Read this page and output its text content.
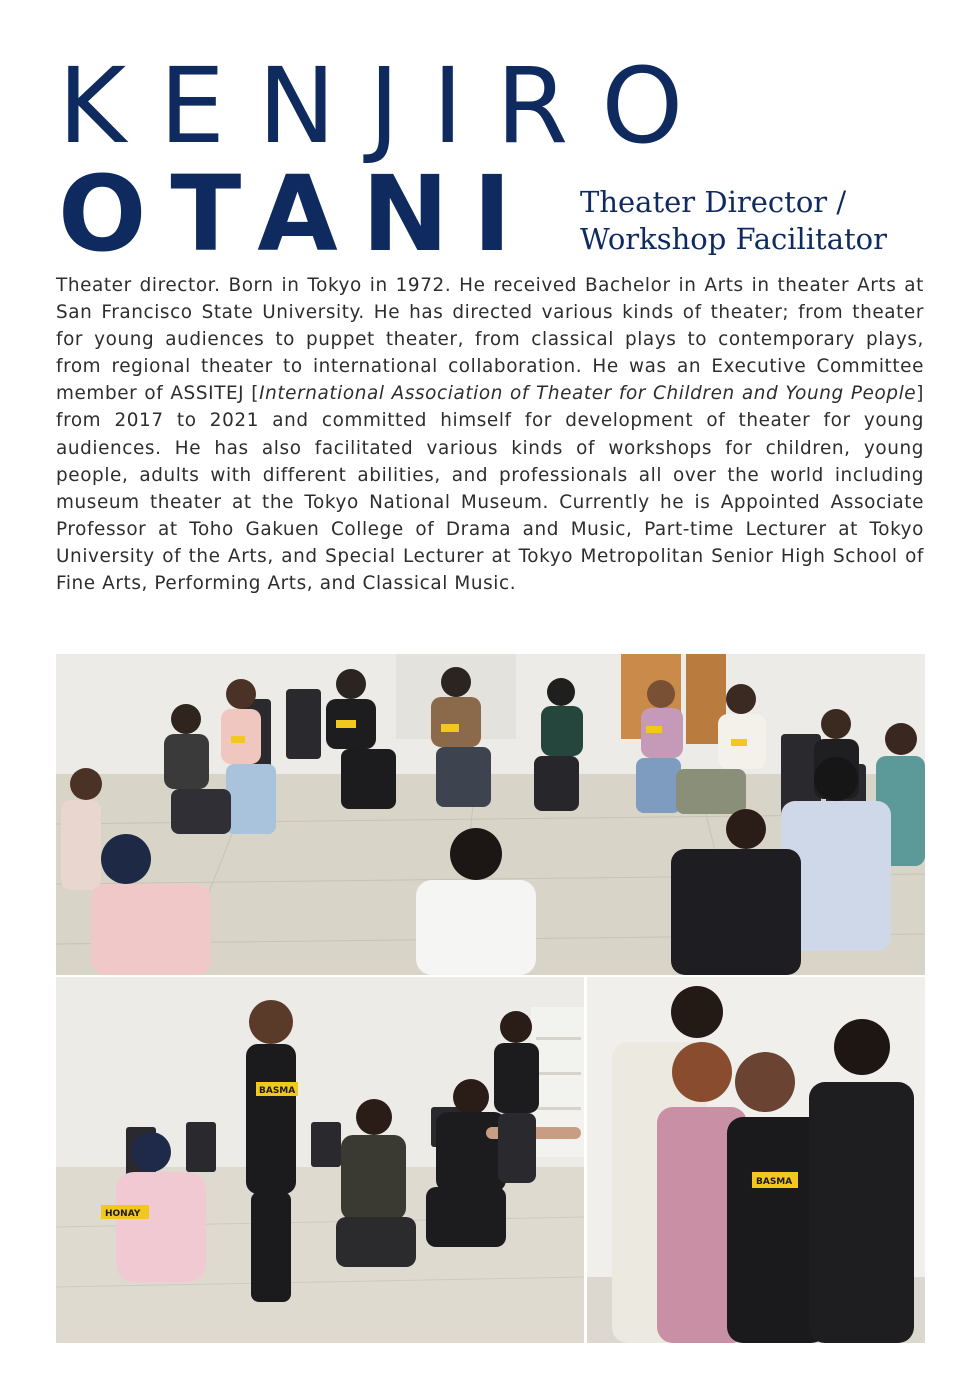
KENJIRO
OTANI Theater Director /
Workshop Facilitator

Theater director. Born in Tokyo in 1972. He received Bachelor in Arts in theater Arts at San Francisco State University. He has directed various kinds of theater; from theater for young audiences to puppet theater, from classical plays to contemporary plays, from regional theater to international collaboration. He was an Executive Committee member of ASSITEJ [International Association of Theater for Children and Young People] from 2017 to 2021 and committed himself for development of theater for young audiences. He has also facilitated various kinds of workshops for children, young people, adults with different abilities, and professionals all over the world including museum theater at the Tokyo National Museum. Currently he is Appointed Associate Professor at Toho Gakuen College of Drama and Music, Part-time Lecturer at Tokyo University of the Arts, and Special Lecturer at Tokyo Metropolitan Senior High School of Fine Arts, Performing Arts, and Classical Music.

HONAY
BASMA
BASMA
